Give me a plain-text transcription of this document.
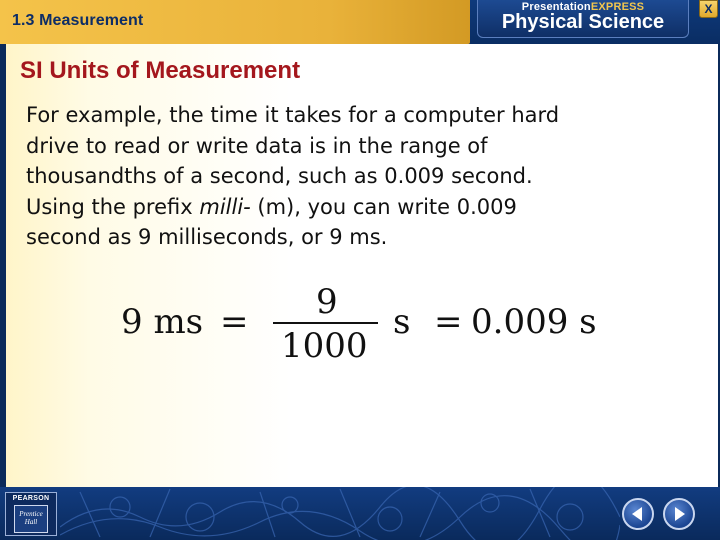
1.3 Measurement
PresentationEXPRESS
Physical Science
X
SI Units of Measurement
For example, the time it takes for a computer hard
drive to read or write data is in the range of
thousandths of a second, such as 0.009 second.
Using the prefix milli- (m), you can write 0.009
second as 9 milliseconds, or 9 ms.
9 ms = 9
1000
s = 0.009 s
PEARSON
Prentice
Hall
